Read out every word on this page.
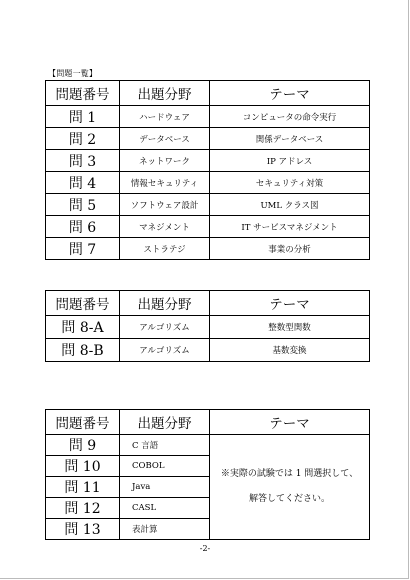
【問題一覧】
問題番号	出題分野	テーマ
問 1	ハードウェア	コンピュータの命令実行
問 2	データベース	関係データベース
問 3	ネットワーク	IP アドレス
問 4	情報セキュリティ	セキュリティ対策
問 5	ソフトウェア設計	UML クラス図
問 6	マネジメント	IT サービスマネジメント
問 7	ストラテジ	事業の分析
問題番号	出題分野	テーマ
問 8-A	アルゴリズム	整数型関数
問 8-B	アルゴリズム	基数変換
問題番号	出題分野	テーマ
問 9	C 言語	※実際の試験では 1 問選択して、
解答してください。

問 10	COBOL	
問 11	Java	
問 12	CASL	
問 13	表計算	
-2-
